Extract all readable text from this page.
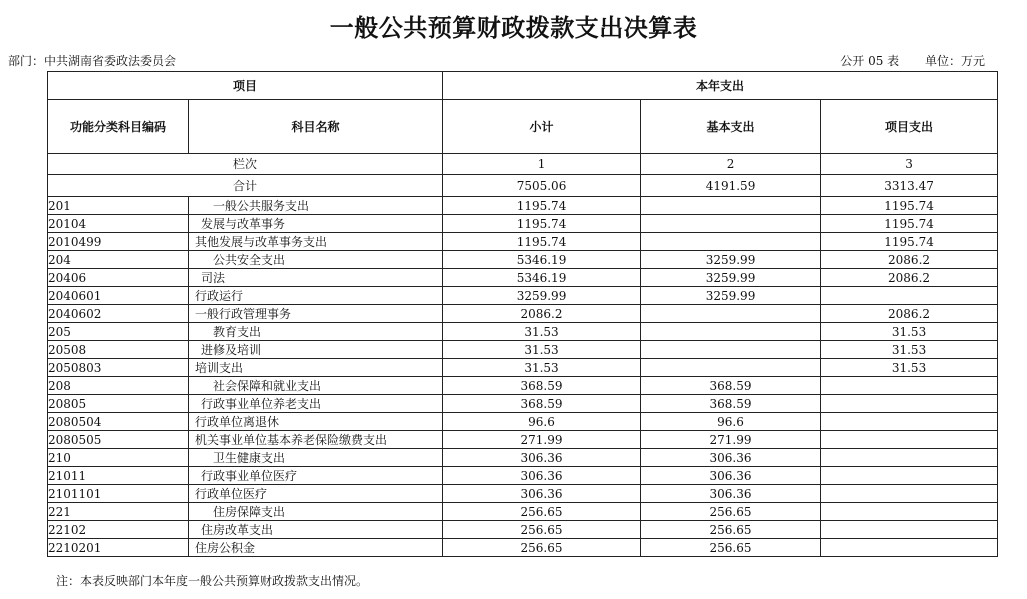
一般公共预算财政拨款支出决算表
部门：中共湖南省委政法委员会	公开 05 表 单位：万元
项目		本年支出		
功能分类科目编码	科目名称	小计	基本支出	项目支出
栏次		1	2	3
合计		7505.06	4191.59	3313.47
201	一般公共服务支出	1195.74		1195.74
20104	发展与改革事务	1195.74		1195.74
2010499	其他发展与改革事务支出	1195.74		1195.74
204	公共安全支出	5346.19	3259.99	2086.2
20406	司法	5346.19	3259.99	2086.2
2040601	行政运行	3259.99	3259.99	
2040602	一般行政管理事务	2086.2		2086.2
205	教育支出	31.53		31.53
20508	进修及培训	31.53		31.53
2050803	培训支出	31.53		31.53
208	社会保障和就业支出	368.59	368.59	
20805	行政事业单位养老支出	368.59	368.59	
2080504	行政单位离退休	96.6	96.6	
2080505	机关事业单位基本养老保险缴费支出	271.99	271.99	
210	卫生健康支出	306.36	306.36	
21011	行政事业单位医疗	306.36	306.36	
2101101	行政单位医疗	306.36	306.36	
221	住房保障支出	256.65	256.65	
22102	住房改革支出	256.65	256.65	
2210201	住房公积金	256.65	256.65	
注：本表反映部门本年度一般公共预算财政拨款支出情况。
